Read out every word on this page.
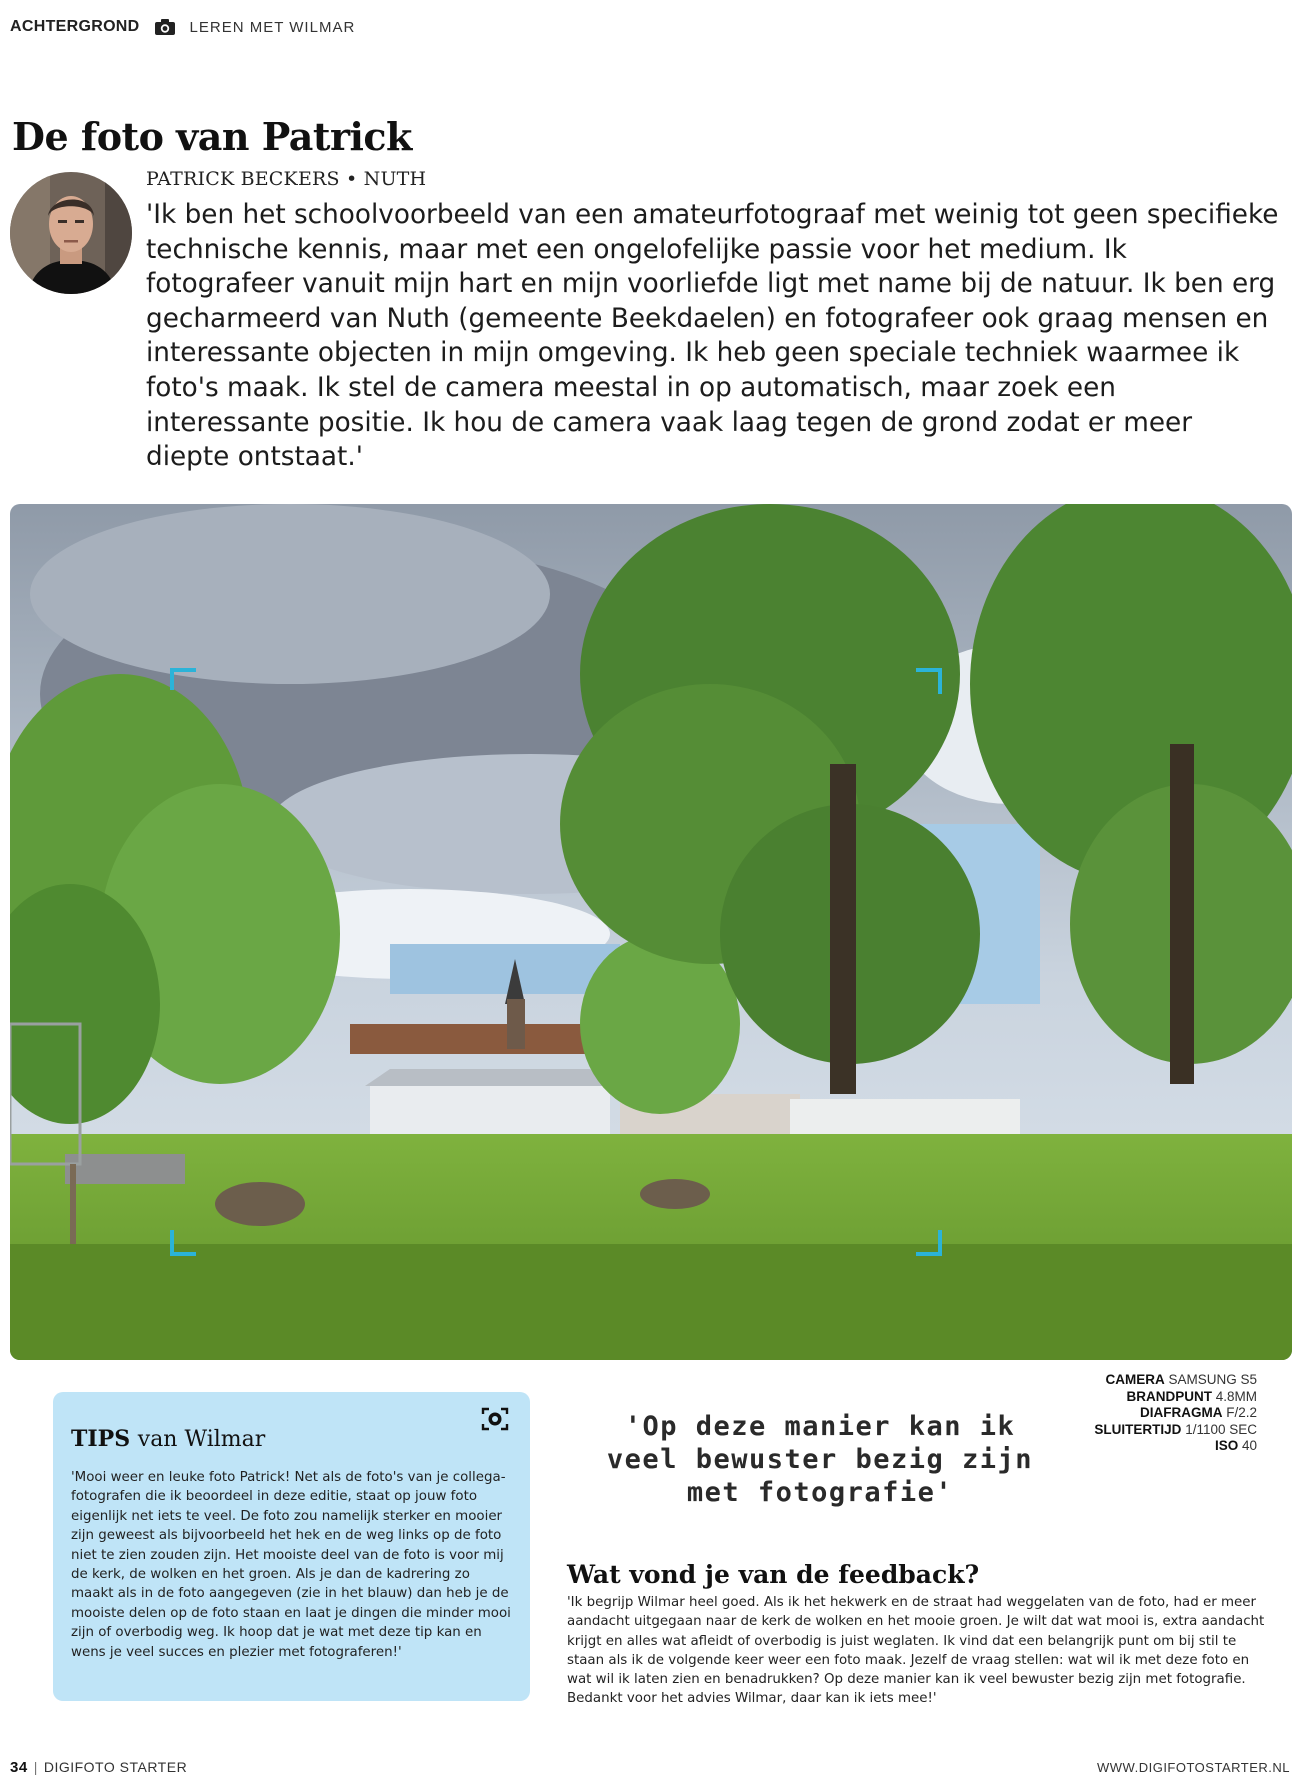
ACHTERGROND	LEREN MET WILMAR
De foto van Patrick
PATRICK BECKERS • NUTH

'Ik ben het schoolvoorbeeld van een amateurfotograaf met weinig tot geen specifieke technische kennis, maar met een ongelofelijke passie voor het medium. Ik fotografeer vanuit mijn hart en mijn voorliefde ligt met name bij de natuur. Ik ben erg gecharmeerd van Nuth (gemeente Beekdaelen) en fotografeer ook graag mensen en interessante objecten in mijn omgeving. Ik heb geen speciale techniek waarmee ik foto's maak. Ik stel de camera meestal in op automatisch, maar zoek een interessante positie. Ik hou de camera vaak laag tegen de grond zodat er meer diepte ontstaat.'

CAMERA SAMSUNG S5
BRANDPUNT 4.8MM
DIAFRAGMA F/2.2
SLUITERTIJD 1/1100 SEC
ISO 40
TIPS van Wilmar

'Mooi weer en leuke foto Patrick! Net als de foto's van je collega-fotografen die ik beoordeel in deze editie, staat op jouw foto eigenlijk net iets te veel. De foto zou namelijk sterker en mooier zijn geweest als bijvoorbeeld het hek en de weg links op de foto niet te zien zouden zijn. Het mooiste deel van de foto is voor mij de kerk, de wolken en het groen. Als je dan de kadrering zo maakt als in de foto aangegeven (zie in het blauw) dan heb je de mooiste delen op de foto staan en laat je dingen die minder mooi zijn of overbodig weg. Ik hoop dat je wat met deze tip kan en wens je veel succes en plezier met fotograferen!'

'Op deze manier kan ik veel bewuster bezig zijn met fotografie'

Wat vond je van de feedback?

'Ik begrijp Wilmar heel goed. Als ik het hekwerk en de straat had weggelaten van de foto, had er meer aandacht uitgegaan naar de kerk de wolken en het mooie groen. Je wilt dat wat mooi is, extra aandacht krijgt en alles wat afleidt of overbodig is juist weglaten. Ik vind dat een belangrijk punt om bij stil te staan als ik de volgende keer weer een foto maak. Jezelf de vraag stellen: wat wil ik met deze foto en wat wil ik laten zien en benadrukken? Op deze manier kan ik veel bewuster bezig zijn met fotografie. Bedankt voor het advies Wilmar, daar kan ik iets mee!'

34 | DIGIFOTO STARTER	WWW.DIGIFOTOSTARTER.NL
